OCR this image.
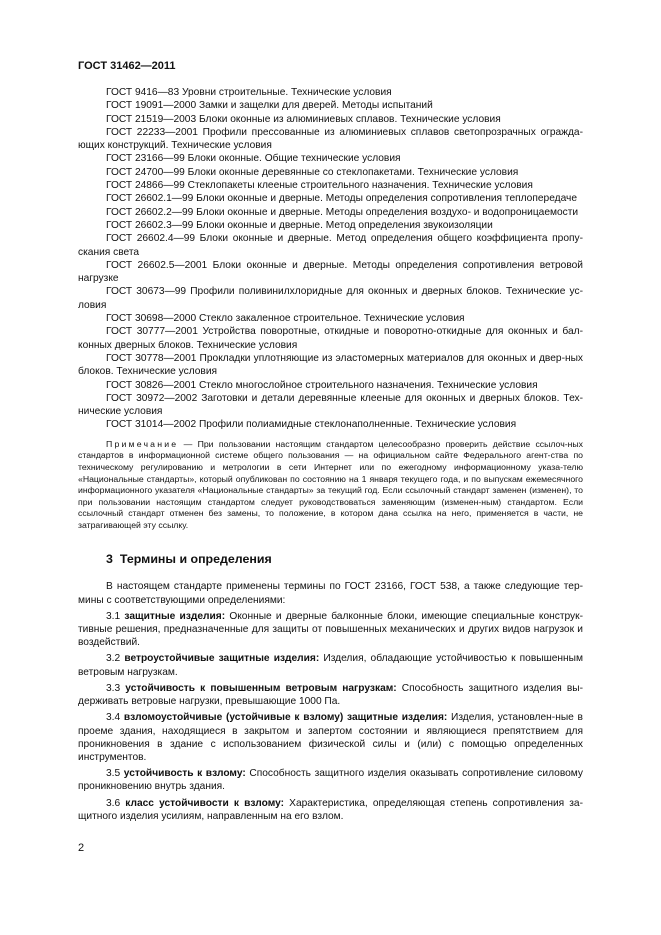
ГОСТ 31462—2011

ГОСТ 9416—83 Уровни строительные. Технические условия

ГОСТ 19091—2000 Замки и защелки для дверей. Методы испытаний

ГОСТ 21519—2003 Блоки оконные из алюминиевых сплавов. Технические условия

ГОСТ 22233—2001 Профили прессованные из алюминиевых сплавов светопрозрачных огражда-ющих конструкций. Технические условия

ГОСТ 23166—99 Блоки оконные. Общие технические условия

ГОСТ 24700—99 Блоки оконные деревянные со стеклопакетами. Технические условия

ГОСТ 24866—99 Стеклопакеты клееные строительного назначения. Технические условия

ГОСТ 26602.1—99 Блоки оконные и дверные. Методы определения сопротивления теплопередаче

ГОСТ 26602.2—99 Блоки оконные и дверные. Методы определения воздухо- и водопроницаемости

ГОСТ 26602.3—99 Блоки оконные и дверные. Метод определения звукоизоляции

ГОСТ 26602.4—99 Блоки оконные и дверные. Метод определения общего коэффициента пропу-скания света

ГОСТ 26602.5—2001 Блоки оконные и дверные. Методы определения сопротивления ветровой нагрузке

ГОСТ 30673—99 Профили поливинилхлоридные для оконных и дверных блоков. Технические ус-ловия

ГОСТ 30698—2000 Стекло закаленное строительное. Технические условия

ГОСТ 30777—2001 Устройства поворотные, откидные и поворотно-откидные для оконных и бал-конных дверных блоков. Технические условия

ГОСТ 30778—2001 Прокладки уплотняющие из эластомерных материалов для оконных и двер-ных блоков. Технические условия

ГОСТ 30826—2001 Стекло многослойное строительного назначения. Технические условия

ГОСТ 30972—2002 Заготовки и детали деревянные клееные для оконных и дверных блоков. Тех-нические условия

ГОСТ 31014—2002 Профили полиамидные стеклонаполненные. Технические условия

Примечание — При пользовании настоящим стандартом целесообразно проверить действие ссылоч-ных стандартов в информационной системе общего пользования — на официальном сайте Федерального агент-ства по техническому регулированию и метрологии в сети Интернет или по ежегодному информационному указа-телю «Национальные стандарты», который опубликован по состоянию на 1 января текущего года, и по выпускам ежемесячного информационного указателя «Национальные стандарты» за текущий год. Если ссылочный стандарт заменен (изменен), то при пользовании настоящим стандартом следует руководствоваться заменяющим (изменен-ным) стандартом. Если ссылочный стандарт отменен без замены, то положение, в котором дана ссылка на него, применяется в части, не затрагивающей эту ссылку.

3 Термины и определения

В настоящем стандарте применены термины по ГОСТ 23166, ГОСТ 538, а также следующие тер-мины с соответствующими определениями:

3.1 защитные изделия: Оконные и дверные балконные блоки, имеющие специальные конструк-тивные решения, предназначенные для защиты от повышенных механических и других видов нагрузок и воздействий.

3.2 ветроустойчивые защитные изделия: Изделия, обладающие устойчивостью к повышенным ветровым нагрузкам.

3.3 устойчивость к повышенным ветровым нагрузкам: Способность защитного изделия вы-держивать ветровые нагрузки, превышающие 1000 Па.

3.4 взломоустойчивые (устойчивые к взлому) защитные изделия: Изделия, установлен-ные в проеме здания, находящиеся в закрытом и запертом состоянии и являющиеся препятствием для проникновения в здание с использованием физической силы и (или) с помощью определенных инструментов.

3.5 устойчивость к взлому: Способность защитного изделия оказывать сопротивление силовому проникновению внутрь здания.

3.6 класс устойчивости к взлому: Характеристика, определяющая степень сопротивления за-щитного изделия усилиям, направленным на его взлом.

2
